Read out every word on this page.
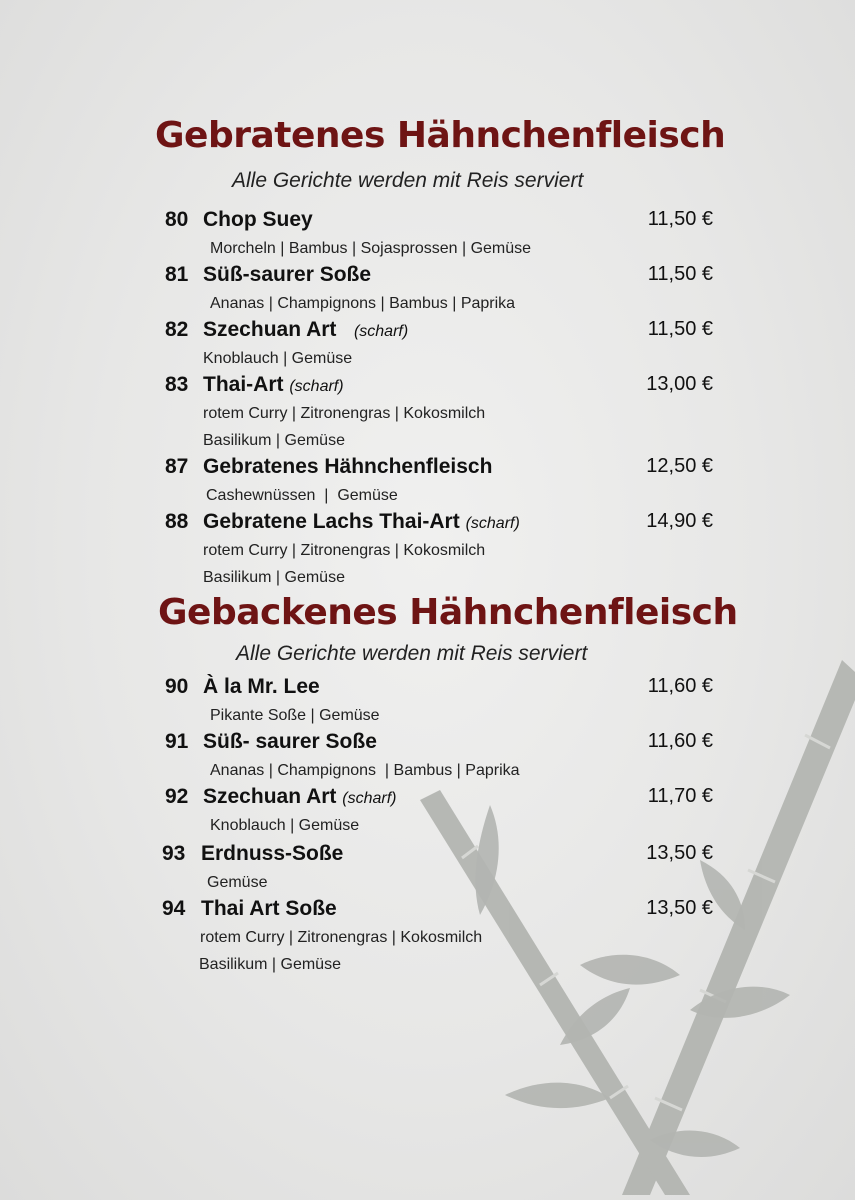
Gebratenes Hähnchenfleisch
Alle Gerichte werden mit Reis serviert
80 Chop Suey	11,50 €
Morcheln | Bambus | Sojasprossen | Gemüse
81 Süß-saurer Soße	11,50 €
Ananas | Champignons | Bambus | Paprika
82 Szechuan Art (scharf)	11,50 €
Knoblauch | Gemüse
83 Thai-Art (scharf)	13,00 €
rotem Curry | Zitronengras | Kokosmilch
Basilikum | Gemüse
87 Gebratenes Hähnchenfleisch	12,50 €
Cashewnüssen  |  Gemüse
88 Gebratene Lachs Thai-Art (scharf)	14,90 €
rotem Curry | Zitronengras | Kokosmilch
Basilikum | Gemüse
Gebackenes Hähnchenfleisch
Alle Gerichte werden mit Reis serviert
90 À la Mr. Lee	11,60 €
Pikante Soße | Gemüse
91 Süß- saurer Soße	11,60 €
Ananas | Champignons  | Bambus | Paprika
92 Szechuan Art (scharf)	11,70 €
Knoblauch | Gemüse
93 Erdnuss-Soße	13,50 €
Gemüse
94 Thai Art Soße	13,50 €
rotem Curry | Zitronengras | Kokosmilch
Basilikum | Gemüse
